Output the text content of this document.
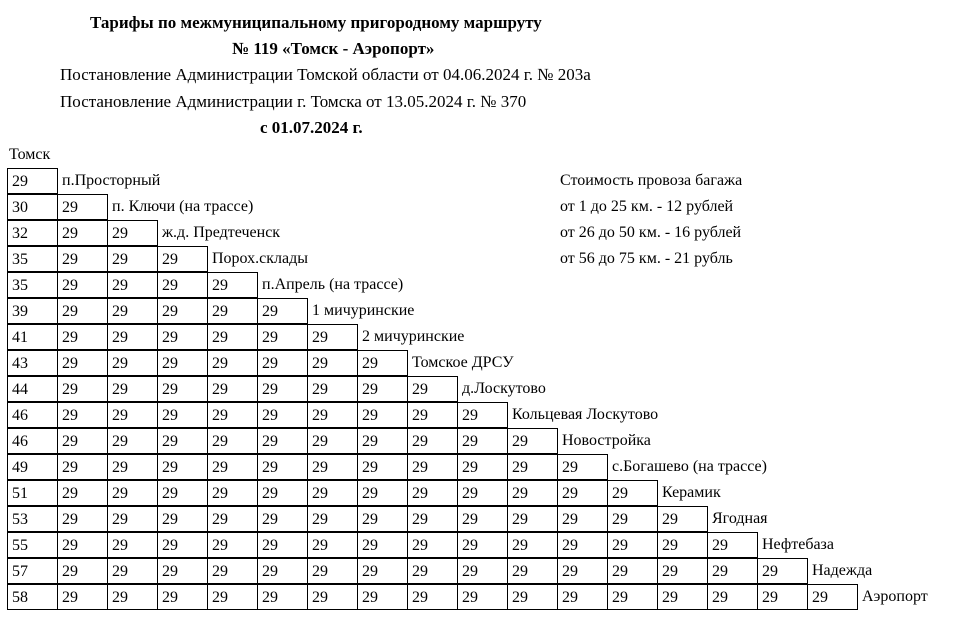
Тарифы по межмуниципальному пригородному маршруту
№ 119 «Томск - Аэропорт»
Постановление Администрации Томской области от 04.06.2024 г. № 203а
Постановление Администрации г. Томска от 13.05.2024 г. № 370
с 01.07.2024 г.
Томск
29	п.Просторный
30	29	п. Ключи (на трассе)
32	29	29	ж.д. Предтеченск
35	29	29	29	Порох.склады
35	29	29	29	29	п.Апрель (на трассе)
39	29	29	29	29	29	1 мичуринские
41	29	29	29	29	29	29	2 мичуринские
43	29	29	29	29	29	29	29	Томское ДРСУ
44	29	29	29	29	29	29	29	29	д.Лоскутово
46	29	29	29	29	29	29	29	29	29	Кольцевая Лоскутово
46	29	29	29	29	29	29	29	29	29	29	Новостройка
49	29	29	29	29	29	29	29	29	29	29	29	с.Богашево (на трассе)
51	29	29	29	29	29	29	29	29	29	29	29	29	Керамик
53	29	29	29	29	29	29	29	29	29	29	29	29	29	Ягодная
55	29	29	29	29	29	29	29	29	29	29	29	29	29	29	Нефтебаза
57	29	29	29	29	29	29	29	29	29	29	29	29	29	29	29	Надежда
58	29	29	29	29	29	29	29	29	29	29	29	29	29	29	29	29	Аэропорт
Стоимость провоза багажа
от 1 до 25 км. - 12 рублей
от 26 до 50 км. - 16 рублей
от 56 до 75 км. - 21 рубль
